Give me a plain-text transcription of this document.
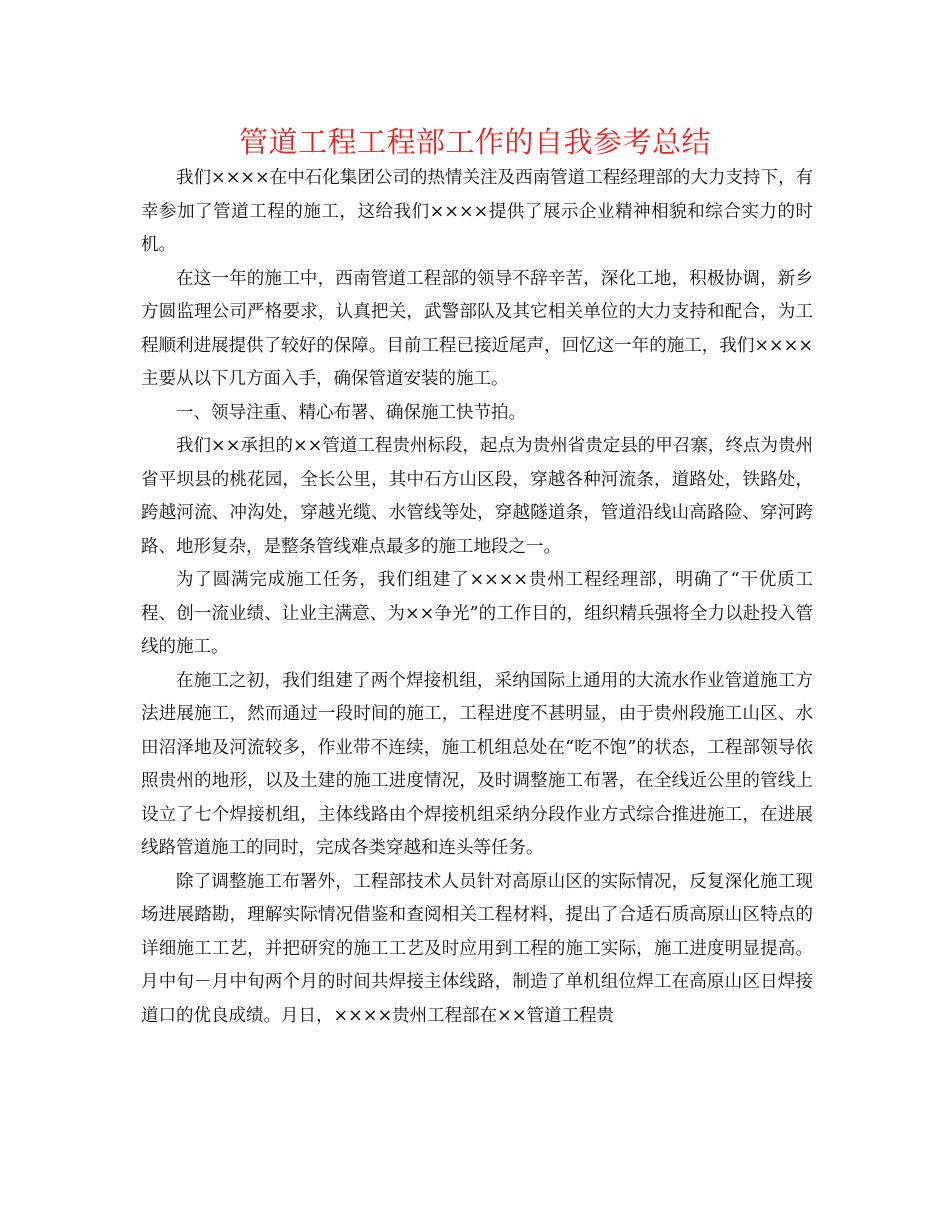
管道工程工程部工作的自我参考总结

我们××××在中石化集团公司的热情关注及西南管道工程经理部的大力支持下，有幸参加了管道工程的施工，这给我们××××提供了展示企业精神相貌和综合实力的时机。

在这一年的施工中，西南管道工程部的领导不辞辛苦，深化工地，积极协调，新乡方圆监理公司严格要求，认真把关，武警部队及其它相关单位的大力支持和配合，为工程顺利进展提供了较好的保障。目前工程已接近尾声，回忆这一年的施工，我们××××主要从以下几方面入手，确保管道安装的施工。

一、领导注重、精心布署、确保施工快节拍。

我们××承担的××管道工程贵州标段，起点为贵州省贵定县的甲召寨，终点为贵州省平坝县的桃花园，全长公里，其中石方山区段，穿越各种河流条，道路处，铁路处，跨越河流、冲沟处，穿越光缆、水管线等处，穿越隧道条，管道沿线山高路险、穿河跨路、地形复杂，是整条管线难点最多的施工地段之一。

为了圆满完成施工任务，我们组建了××××贵州工程经理部，明确了“干优质工程、创一流业绩、让业主满意、为××争光”的工作目的，组织精兵强将全力以赴投入管线的施工。

在施工之初，我们组建了两个焊接机组，采纳国际上通用的大流水作业管道施工方法进展施工，然而通过一段时间的施工，工程进度不甚明显，由于贵州段施工山区、水田沼泽地及河流较多，作业带不连续，施工机组总处在“吃不饱”的状态，工程部领导依照贵州的地形，以及土建的施工进度情况，及时调整施工布署，在全线近公里的管线上设立了七个焊接机组，主体线路由个焊接机组采纳分段作业方式综合推进施工，在进展线路管道施工的同时，完成各类穿越和连头等任务。

除了调整施工布署外，工程部技术人员针对高原山区的实际情况，反复深化施工现场进展踏勘，理解实际情况借鉴和查阅相关工程材料，提出了合适石质高原山区特点的详细施工工艺，并把研究的施工工艺及时应用到工程的施工实际，施工进度明显提高。月中旬－月中旬两个月的时间共焊接主体线路，制造了单机组位焊工在高原山区日焊接道口的优良成绩。月日，××××贵州工程部在××管道工程贵
